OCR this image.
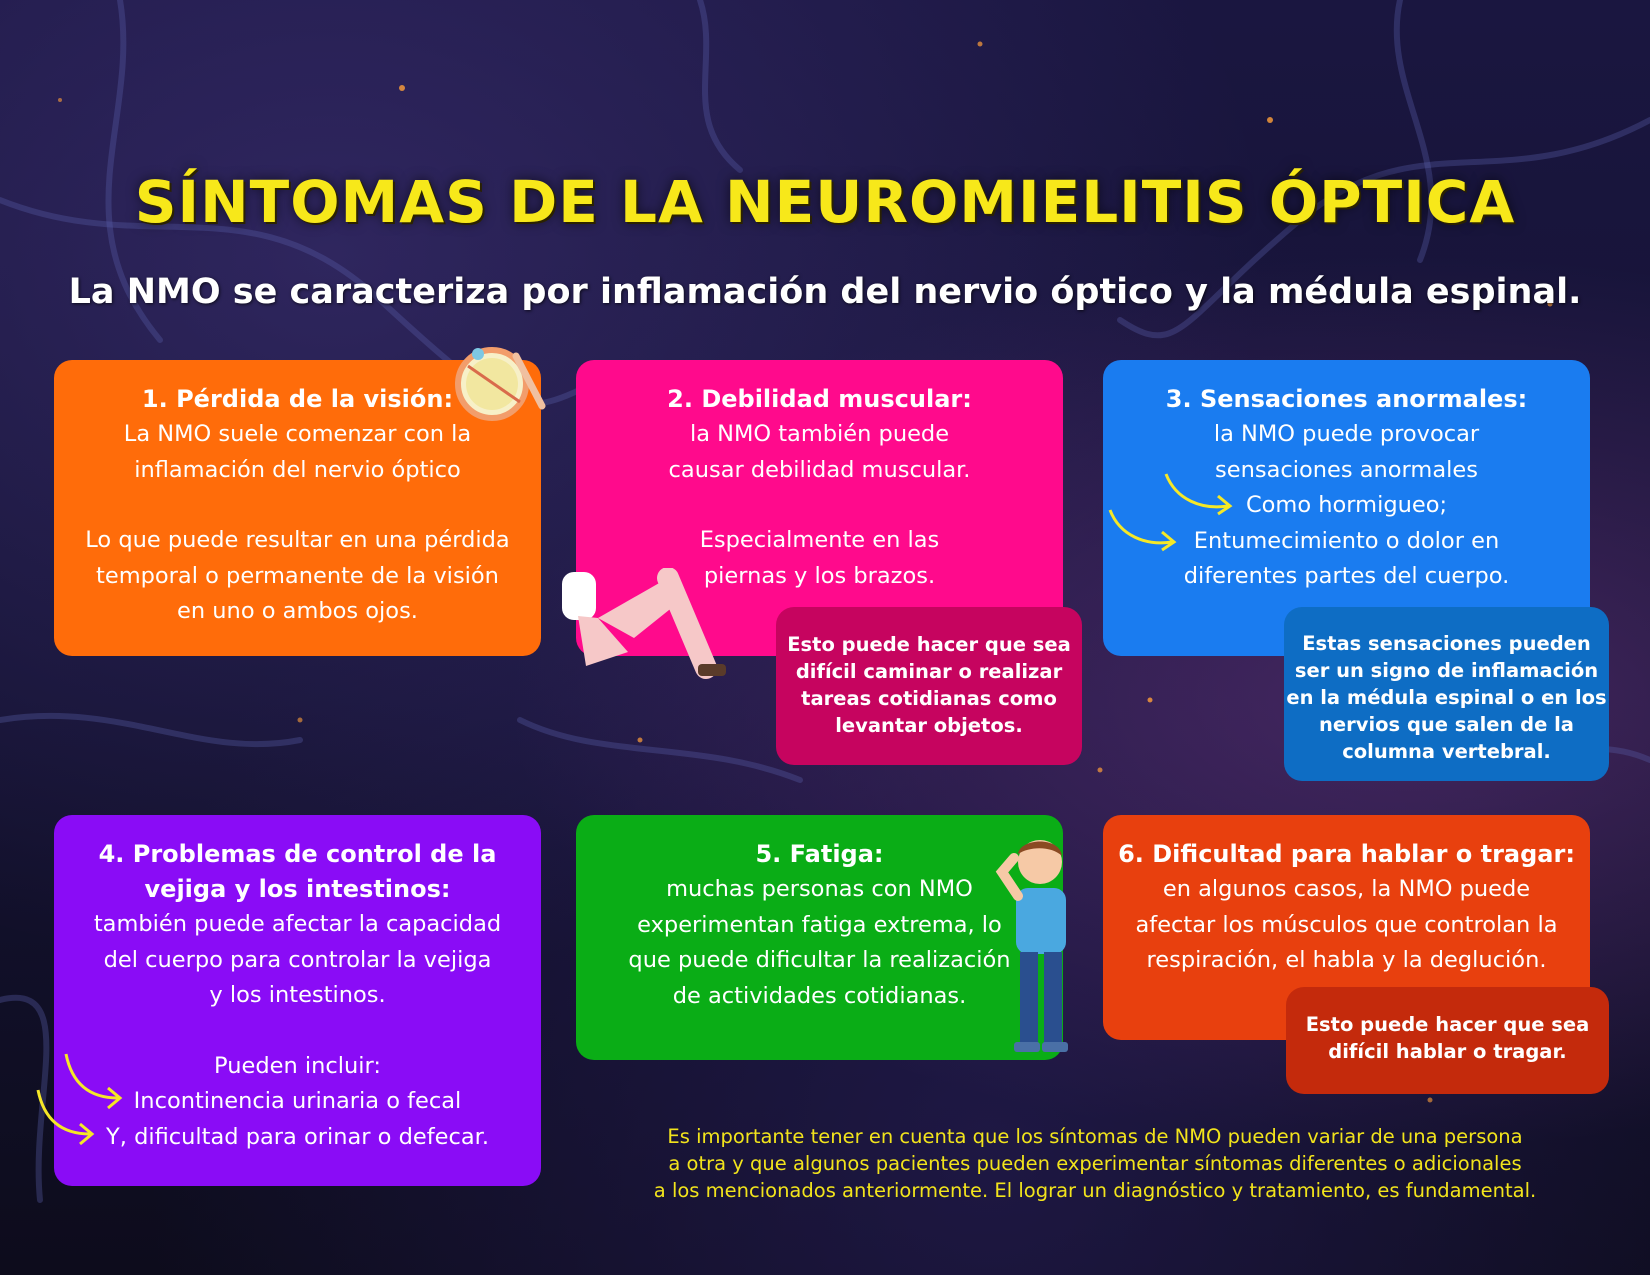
SÍNTOMAS DE LA NEUROMIELITIS ÓPTICA
La NMO se caracteriza por inflamación del nervio óptico y la médula espinal.
1. Pérdida de la visión:
La NMO suele comenzar con la
inflamación del nervio óptico
Lo que puede resultar en una pérdida
temporal o permanente de la visión
en uno o ambos ojos.
2. Debilidad muscular:
la NMO también puede
causar debilidad muscular.
Especialmente en las
piernas y los brazos.
Esto puede hacer que sea
difícil caminar o realizar
tareas cotidianas como
levantar objetos.
3. Sensaciones anormales:
la NMO puede provocar
sensaciones anormales
Como hormigueo;
Entumecimiento o dolor en
diferentes partes del cuerpo.
Estas sensaciones pueden
ser un signo de inflamación
en la médula espinal o en los
nervios que salen de la
columna vertebral.
4. Problemas de control de la
vejiga y los intestinos:
también puede afectar la capacidad
del cuerpo para controlar la vejiga
y los intestinos.
Pueden incluir:
Incontinencia urinaria o fecal
Y, dificultad para orinar o defecar.
5. Fatiga:
muchas personas con NMO
experimentan fatiga extrema, lo
que puede dificultar la realización
de actividades cotidianas.
6. Dificultad para hablar o tragar:
en algunos casos, la NMO puede
afectar los músculos que controlan la
respiración, el habla y la deglución.
Esto puede hacer que sea
difícil hablar o tragar.
Es importante tener en cuenta que los síntomas de NMO pueden variar de una persona
a otra y que algunos pacientes pueden experimentar síntomas diferentes o adicionales
a los mencionados anteriormente. El lograr un diagnóstico y tratamiento, es fundamental.
